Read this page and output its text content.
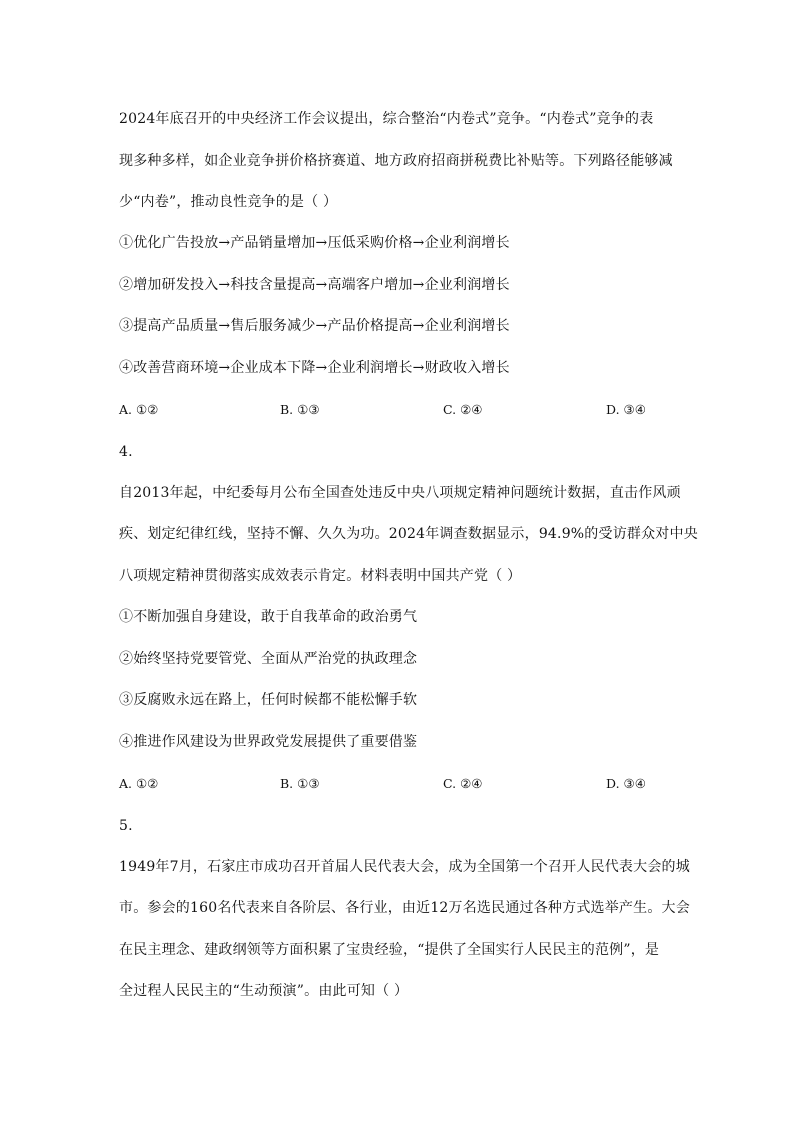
2024年底召开的中央经济工作会议提出，综合整治“内卷式”竞争。“内卷式”竞争的表
现多种多样，如企业竞争拼价格挤赛道、地方政府招商拼税费比补贴等。下列路径能够减
少“内卷”，推动良性竞争的是（ ）
①优化广告投放→产品销量增加→压低采购价格→企业利润增长
②增加研发投入→科技含量提高→高端客户增加→企业利润增长
③提高产品质量→售后服务减少→产品价格提高→企业利润增长
④改善营商环境→企业成本下降→企业利润增长→财政收入增长
A. ①②	B. ①③	C. ②④	D. ③④
4.
自2013年起，中纪委每月公布全国查处违反中央八项规定精神问题统计数据，直击作风顽
疾、划定纪律红线，坚持不懈、久久为功。2024年调查数据显示，94.9%的受访群众对中央
八项规定精神贯彻落实成效表示肯定。材料表明中国共产党（ ）
①不断加强自身建设，敢于自我革命的政治勇气
②始终坚持党要管党、全面从严治党的执政理念
③反腐败永远在路上，任何时候都不能松懈手软
④推进作风建设为世界政党发展提供了重要借鉴
A. ①②	B. ①③	C. ②④	D. ③④
5.
1949年7月，石家庄市成功召开首届人民代表大会，成为全国第一个召开人民代表大会的城
市。参会的160名代表来自各阶层、各行业，由近12万名选民通过各种方式选举产生。大会
在民主理念、建政纲领等方面积累了宝贵经验，“提供了全国实行人民民主的范例”，是
全过程人民民主的“生动预演”。由此可知（ ）
